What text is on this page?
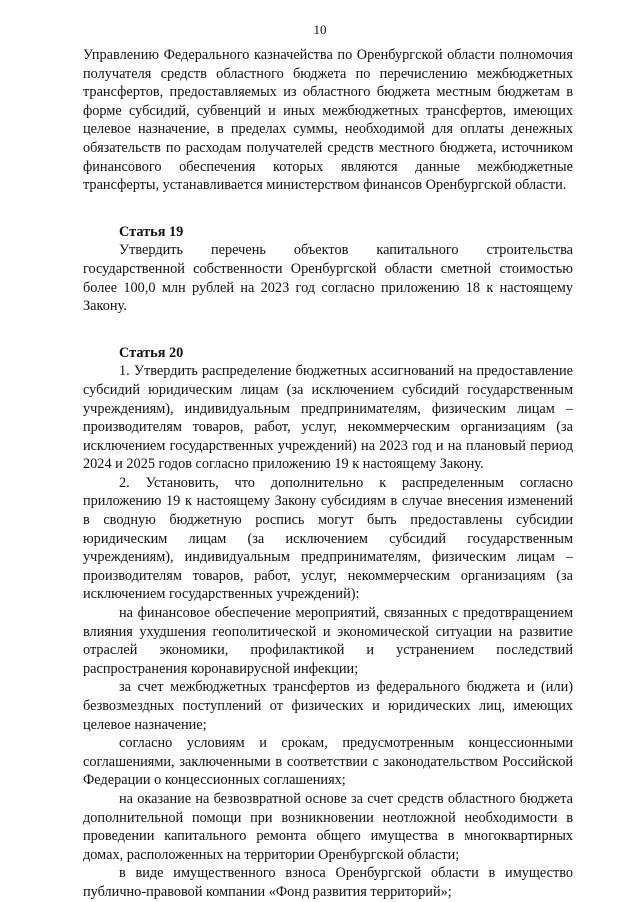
10

Управлению Федерального казначейства по Оренбургской области полномочия получателя средств областного бюджета по перечислению межбюджетных трансфертов, предоставляемых из областного бюджета местным бюджетам в форме субсидий, субвенций и иных межбюджетных трансфертов, имеющих целевое назначение, в пределах суммы, необходимой для оплаты денежных обязательств по расходам получателей средств местного бюджета, источником финансового обеспечения которых являются данные межбюджетные трансферты, устанавливается министерством финансов Оренбургской области.

Статья 19

Утвердить перечень объектов капитального строительства государственной собственности Оренбургской области сметной стоимостью более 100,0 млн рублей на 2023 год согласно приложению 18 к настоящему Закону.

Статья 20

1. Утвердить распределение бюджетных ассигнований на предоставление субсидий юридическим лицам (за исключением субсидий государственным учреждениям), индивидуальным предпринимателям, физическим лицам – производителям товаров, работ, услуг, некоммерческим организациям (за исключением государственных учреждений) на 2023 год и на плановый период 2024 и 2025 годов согласно приложению 19 к настоящему Закону.

2. Установить, что дополнительно к распределенным согласно приложению 19 к настоящему Закону субсидиям в случае внесения изменений в сводную бюджетную роспись могут быть предоставлены субсидии юридическим лицам (за исключением субсидий государственным учреждениям), индивидуальным предпринимателям, физическим лицам – производителям товаров, работ, услуг, некоммерческим организациям (за исключением государственных учреждений):

на финансовое обеспечение мероприятий, связанных с предотвращением влияния ухудшения геополитической и экономической ситуации на развитие отраслей экономики, профилактикой и устранением последствий распространения коронавирусной инфекции;

за счет межбюджетных трансфертов из федерального бюджета и (или) безвозмездных поступлений от физических и юридических лиц, имеющих целевое назначение;

согласно условиям и срокам, предусмотренным концессионными соглашениями, заключенными в соответствии с законодательством Российской Федерации о концессионных соглашениях;

на оказание на безвозвратной основе за счет средств областного бюджета дополнительной помощи при возникновении неотложной необходимости в проведении капитального ремонта общего имущества в многоквартирных домах, расположенных на территории Оренбургской области;

в виде имущественного взноса Оренбургской области в имущество публично-правовой компании «Фонд развития территорий»;
